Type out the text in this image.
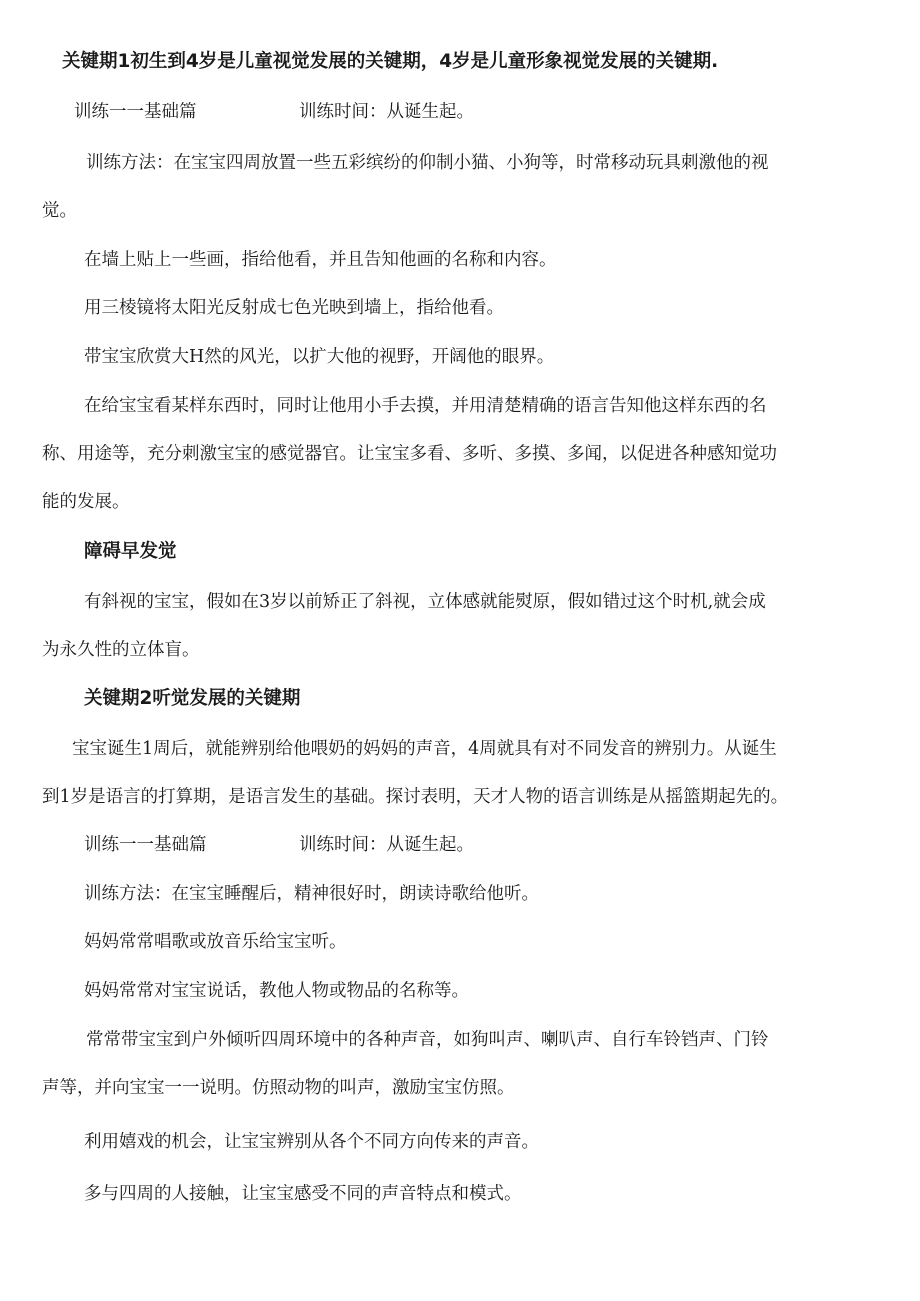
关键期1初生到4岁是儿童视觉发展的关键期，4岁是儿童形象视觉发展的关键期.
训练一一基础篇	训练时间：从诞生起。
训练方法：在宝宝四周放置一些五彩缤纷的仰制小猫、小狗等，时常移动玩具刺激他的视
觉。
在墙上贴上一些画，指给他看，并且告知他画的名称和内容。
用三棱镜将太阳光反射成七色光映到墙上，指给他看。
带宝宝欣赏大H然的风光，以扩大他的视野，开阔他的眼界。
在给宝宝看某样东西时，同时让他用小手去摸，并用清楚精确的语言告知他这样东西的名
称、用途等，充分刺激宝宝的感觉器官。让宝宝多看、多听、多摸、多闻，以促进各种感知觉功
能的发展。
障碍早发觉
有斜视的宝宝，假如在3岁以前矫正了斜视，立体感就能熨原，假如错过这个时机,就会成
为永久性的立体盲。
关键期2听觉发展的关键期
宝宝诞生1周后，就能辨别给他喂奶的妈妈的声音，4周就具有对不同发音的辨别力。从诞生
到1岁是语言的打算期，是语言发生的基础。探讨表明，天才人物的语言训练是从摇篮期起先的。
训练一一基础篇	训练时间：从诞生起。
训练方法：在宝宝睡醒后，精神很好时，朗读诗歌给他听。
妈妈常常唱歌或放音乐给宝宝听。
妈妈常常对宝宝说话，教他人物或物品的名称等。
常常带宝宝到户外倾听四周环境中的各种声音，如狗叫声、喇叭声、自行车铃铛声、门铃
声等，并向宝宝一一说明。仿照动物的叫声，激励宝宝仿照。
利用嬉戏的机会，让宝宝辨别从各个不同方向传来的声音。
多与四周的人接触，让宝宝感受不同的声音特点和模式。
